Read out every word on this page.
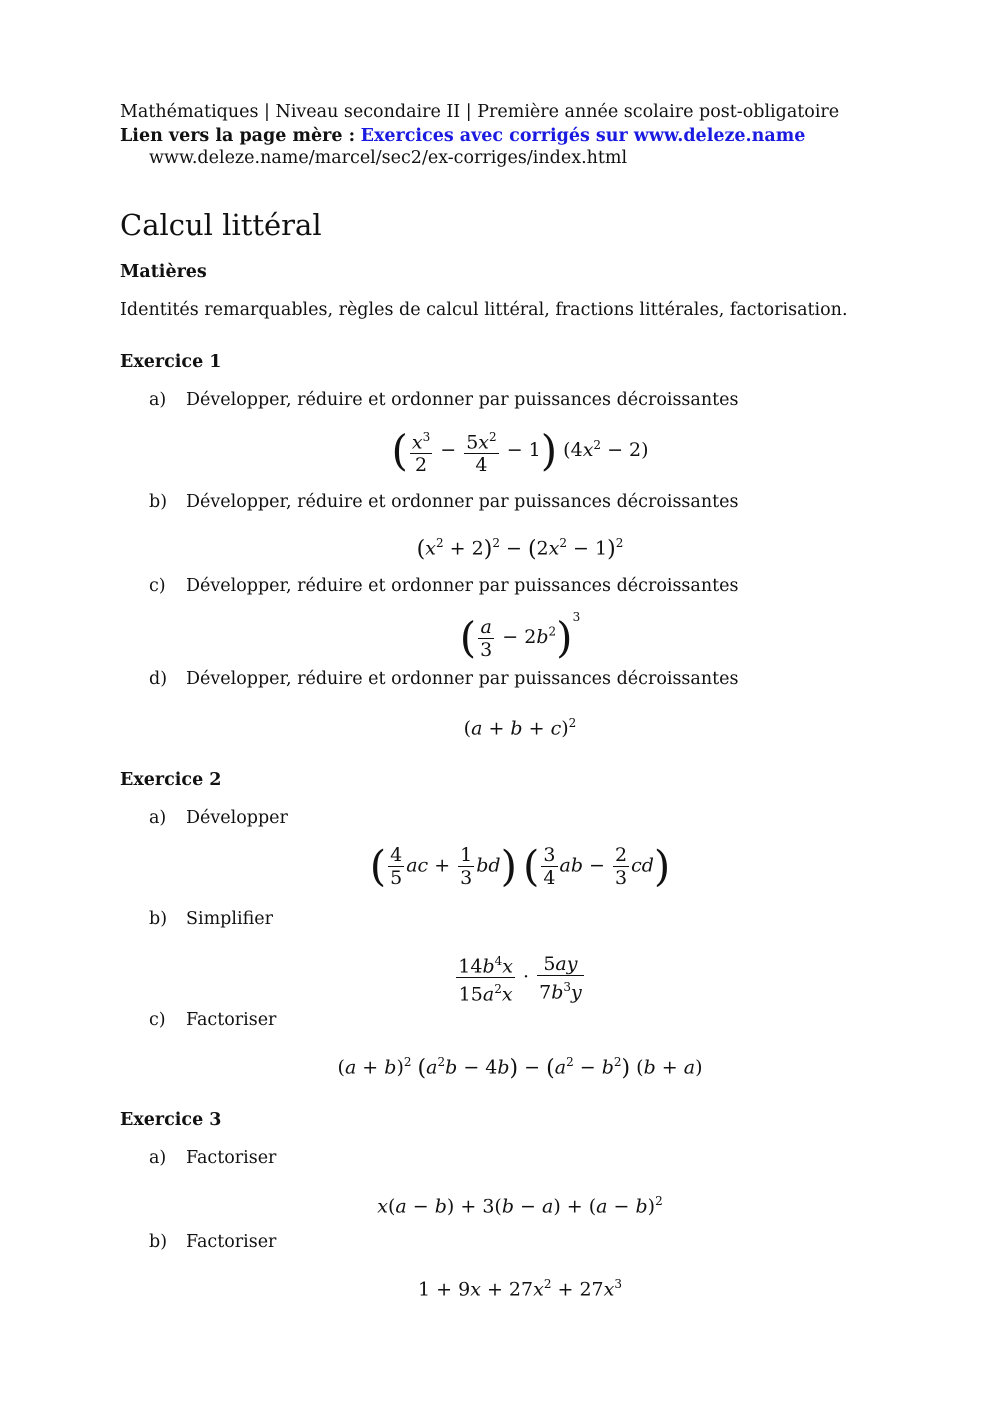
Mathématiques | Niveau secondaire II | Première année scolaire post-obligatoire
Lien vers la page mère : Exercices avec corrigés sur www.deleze.name
www.deleze.name/marcel/sec2/ex-corriges/index.html
Calcul littéral
Matières
Identités remarquables, règles de calcul littéral, fractions littérales, factorisation.
Exercice 1
a) Développer, réduire et ordonner par puissances décroissantes
( $\frac{x^3}{2} - \frac{5x^2}{4} - 1$) $(4x^2 - 2)$
b) Développer, réduire et ordonner par puissances décroissantes
$(x^2 + 2)^2 - (2x^2 - 1)^2$
c) Développer, réduire et ordonner par puissances décroissantes
( $\frac{a}{3} - 2b^2)^3$
d) Développer, réduire et ordonner par puissances décroissantes
$(a + b + c)^2$
Exercice 2
a) Développer
( $\frac{4}{5}$ ac + $\frac{1}{3} bd$) ( $\frac{3}{4}$ ab − $\frac{2}{3} cd$)
b) Simplifier
$\frac{14b^4x}{15a^2x} \cdot \frac{5ay}{7b^3y}$
c) Factoriser
$(a + b)^2$ $(a^2b - 4b) - (a^2 - b^2) (b + a)$
Exercice 3
a) Factoriser
$x(a - b) + 3(b - a) + (a - b)^2$
b) Factoriser
$1 + 9x + 27x^2 + 27x^3$
